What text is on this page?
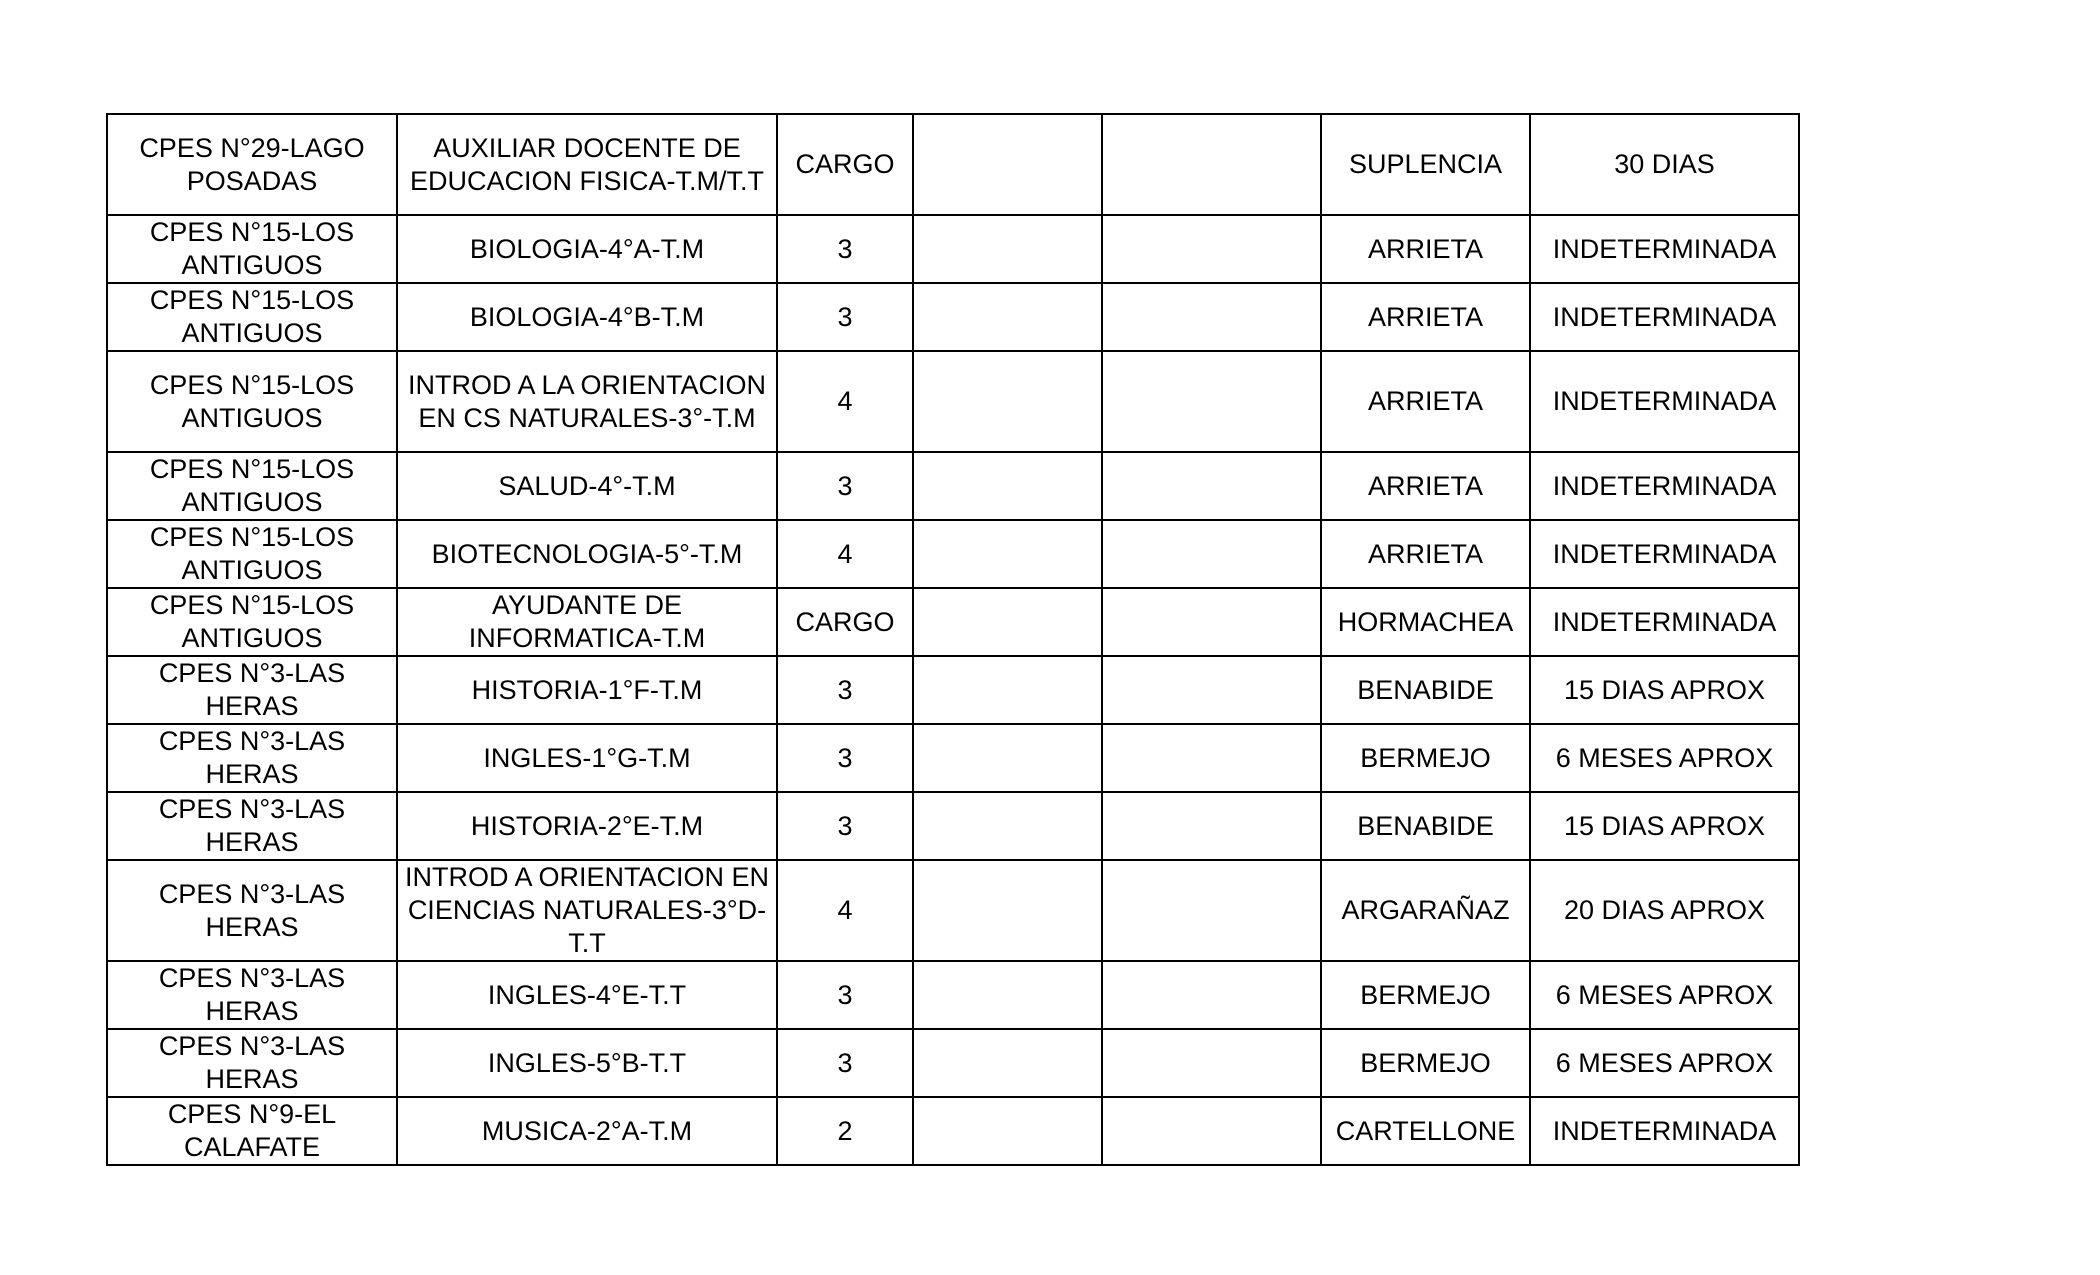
CPES N°29-LAGO POSADAS	AUXILIAR DOCENTE DE EDUCACION FISICA-T.M/T.T	CARGO			SUPLENCIA	30 DIAS
CPES N°15-LOS ANTIGUOS	BIOLOGIA-4°A-T.M	3			ARRIETA	INDETERMINADA
CPES N°15-LOS ANTIGUOS	BIOLOGIA-4°B-T.M	3			ARRIETA	INDETERMINADA
CPES N°15-LOS ANTIGUOS	INTROD A LA ORIENTACION EN CS NATURALES-3°-T.M	4			ARRIETA	INDETERMINADA
CPES N°15-LOS ANTIGUOS	SALUD-4°-T.M	3			ARRIETA	INDETERMINADA
CPES N°15-LOS ANTIGUOS	BIOTECNOLOGIA-5°-T.M	4			ARRIETA	INDETERMINADA
CPES N°15-LOS ANTIGUOS	AYUDANTE DE INFORMATICA-T.M	CARGO			HORMACHEA	INDETERMINADA
CPES N°3-LAS HERAS	HISTORIA-1°F-T.M	3			BENABIDE	15 DIAS APROX
CPES N°3-LAS HERAS	INGLES-1°G-T.M	3			BERMEJO	6 MESES APROX
CPES N°3-LAS HERAS	HISTORIA-2°E-T.M	3			BENABIDE	15 DIAS APROX
CPES N°3-LAS HERAS	INTROD A ORIENTACION EN CIENCIAS NATURALES-3°D-T.T	4			ARGARAÑAZ	20 DIAS APROX
CPES N°3-LAS HERAS	INGLES-4°E-T.T	3			BERMEJO	6 MESES APROX
CPES N°3-LAS HERAS	INGLES-5°B-T.T	3			BERMEJO	6 MESES APROX
CPES N°9-EL CALAFATE	MUSICA-2°A-T.M	2			CARTELLONE	INDETERMINADA
